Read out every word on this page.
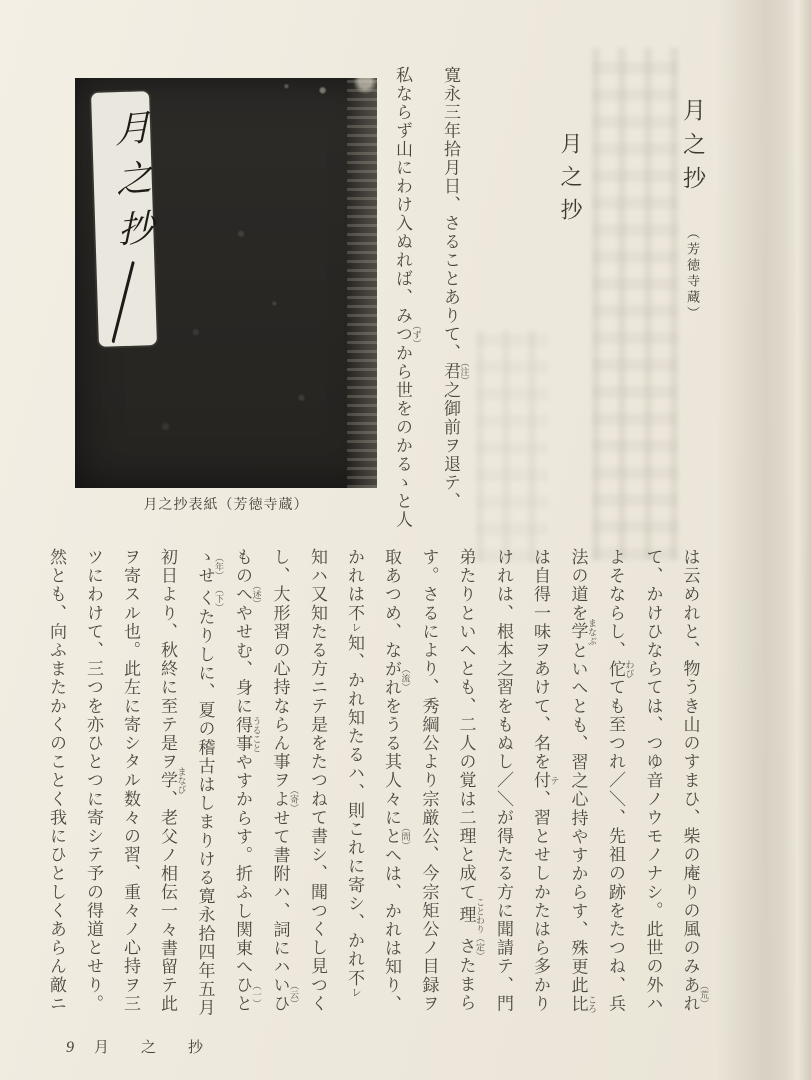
月之抄 （芳徳寺蔵）
月之抄
寛永三年拾月日、さることありて、君 （注）之御前ヲ退テ、
私ならず山にわけ入ぬれば、みつ （ず）から世をのかるゝと人
月之抄
月之抄表紙（芳徳寺蔵）
は云めれと、物うき山のすまひ、柴の庵りの風のみあれ （荒）
て、かけひならては、つゆ音ノウモノナシ。此世の外ハ
よそならし、佗 わびても至つれ／＼、先祖の跡をたつね、兵
法の道を学 まなぶといへとも、習之心持やすからす、殊更此比 ころ
は自得一味ヲあけて、名を付 テ、習とせしかたはら多かり
けれは、根本之習をもぬし／＼が得たる方に聞請テ、門
弟たりといへとも、二人の覚は二理と成て理 ことわりさ （定）たまら
す。さるにより、秀綱公より宗厳公、今宗矩公ノ目録ヲ
取あつめ、ながれ （流）をうる其人々にと （問）へは、かれは知り、
かれは不レ知、かれ知たるハ、則これに寄シ、かれ不レ
知ハ又知たる方ニテ是をたつねて書シ、聞つくし見つく
し、大形習の心持ならん事ヲよ （寄）せて書附ハ、詞にハいひ （云）
ものへ （述）やせむ、身に得事 うることやすからす。折ふし関東へひと （一）
ゝせ （年）く （下）たりしに、夏の稽古はしまりける寛永拾四年五月
初日より、秋終に至テ是ヲ学 まなび、老父ノ相伝一々書留テ此
ヲ寄スル也。此左に寄シタル数々の習、重々ノ心持ヲ三
ツにわけて、三つを亦ひとつに寄シテ予の得道とせり。
然とも、向ふまたかくのことく我にひとしくあらん敵ニ
9 月之抄
